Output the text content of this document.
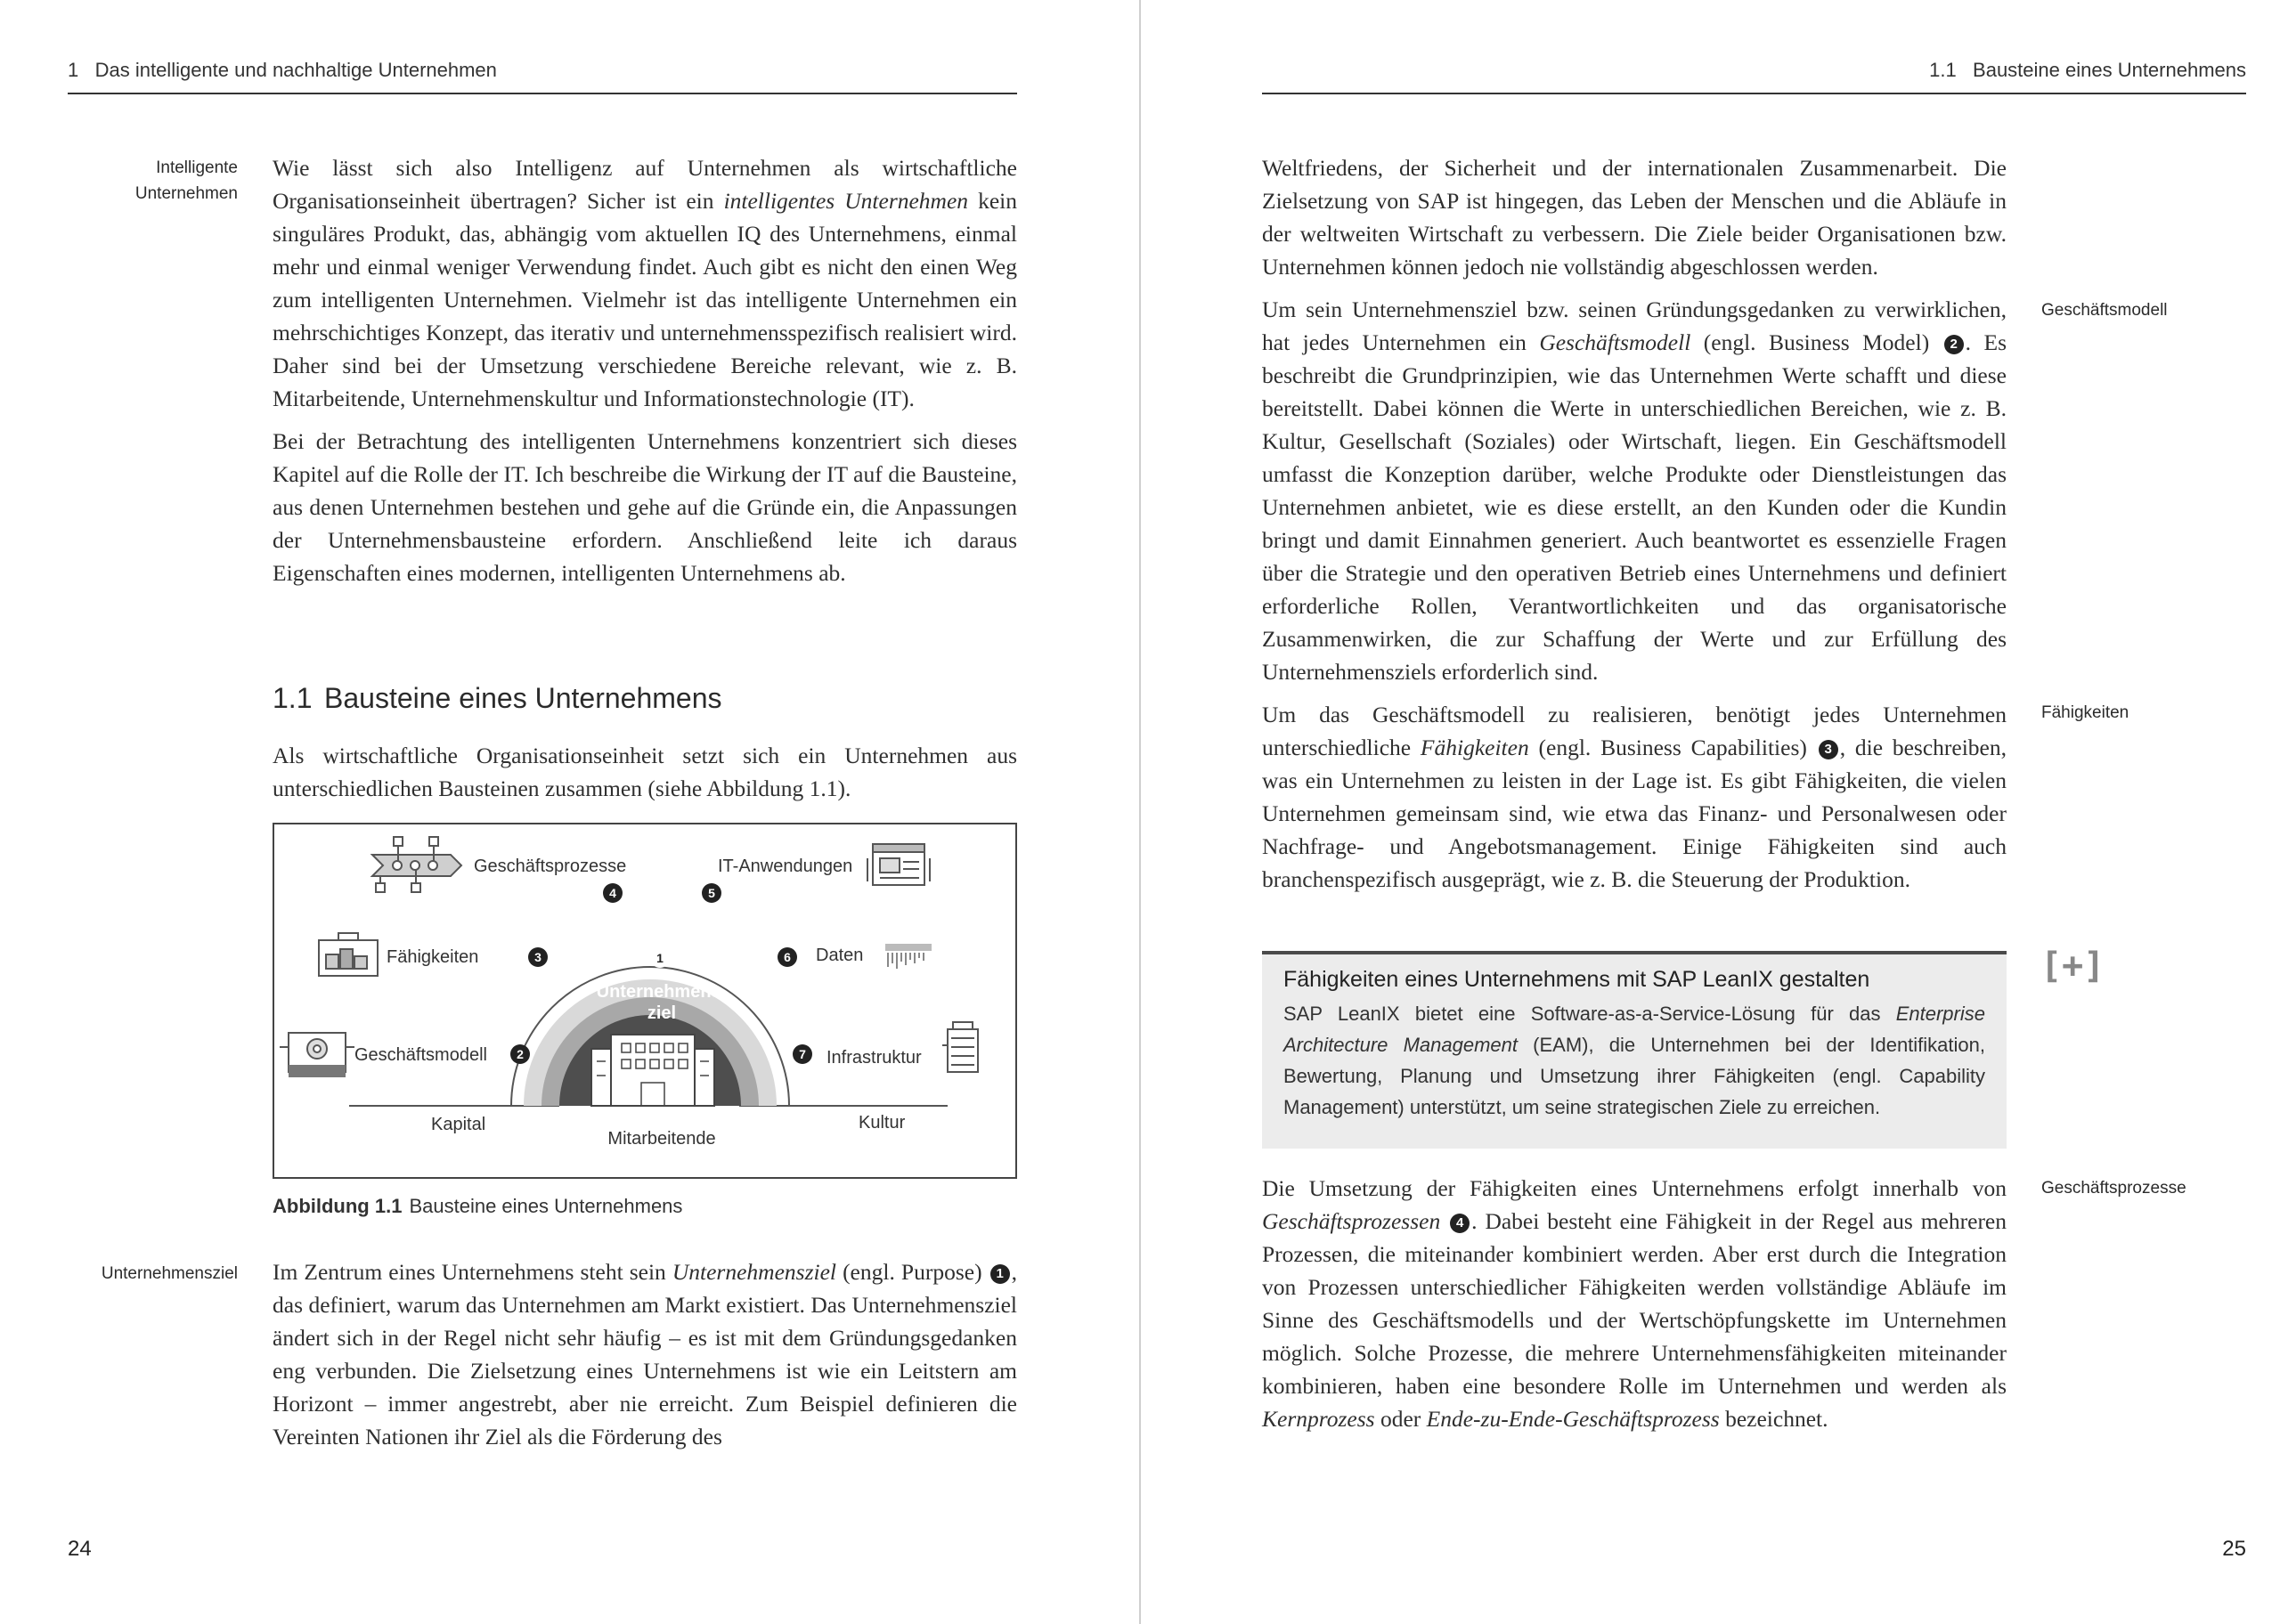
1 Das intelligente und nachhaltige Unternehmen
Intelligente
Unternehmen

Wie lässt sich also Intelligenz auf Unternehmen als wirtschaftliche Organisationseinheit übertragen? Sicher ist ein intelligentes Unternehmen kein singuläres Produkt, das, abhängig vom aktuellen IQ des Unternehmens, einmal mehr und einmal weniger Verwendung findet. Auch gibt es nicht den einen Weg zum intelligenten Unternehmen. Vielmehr ist das intelligente Unternehmen ein mehrschichtiges Konzept, das iterativ und unternehmensspezifisch realisiert wird. Daher sind bei der Umsetzung verschiedene Bereiche relevant, wie z. B. Mitarbeitende, Unternehmenskultur und Informationstechnologie (IT).

Bei der Betrachtung des intelligenten Unternehmens konzentriert sich dieses Kapitel auf die Rolle der IT. Ich beschreibe die Wirkung der IT auf die Bausteine, aus denen Unternehmen bestehen und gehe auf die Gründe ein, die Anpassungen der Unternehmensbausteine erfordern. Anschließend leite ich daraus Eigenschaften eines modernen, intelligenten Unternehmens ab.

1.1 Bausteine eines Unternehmens

Als wirtschaftliche Organisationseinheit setzt sich ein Unternehmen aus unterschiedlichen Bausteinen zusammen (siehe Abbildung 1.1).

Unternehmens-
ziel
1
2
3
4	5
6
7
Geschäftsprozesse	IT-Anwendungen
Fähigkeiten	Daten
Geschäftsmodell	Infrastruktur
Kapital
Mitarbeitende
Kultur
Abbildung 1.1 Bausteine eines Unternehmens
Unternehmensziel Im Zentrum eines Unternehmens steht sein Unternehmensziel (engl. Purpose) 1 , das definiert, warum das Unternehmen am Markt existiert. Das Unternehmensziel ändert sich in der Regel nicht sehr häufig – es ist mit dem Gründungsgedanken eng verbunden. Die Zielsetzung eines Unternehmens ist wie ein Leitstern am Horizont – immer angestrebt, aber nie erreicht. Zum Beispiel definieren die Vereinten Nationen ihr Ziel als die Förderung des

24
1.1 Bausteine eines Unternehmens

Weltfriedens, der Sicherheit und der internationalen Zusammenarbeit. Die Zielsetzung von SAP ist hingegen, das Leben der Menschen und die Abläufe in der weltweiten Wirtschaft zu verbessern. Die Ziele beider Organisationen bzw. Unternehmen können jedoch nie vollständig abgeschlossen werden.

Um sein Unternehmensziel bzw. seinen Gründungsgedanken zu verwirklichen, hat jedes Unternehmen ein Geschäftsmodell (engl. Business Model) 2 . Es beschreibt die Grundprinzipien, wie das Unternehmen Werte schafft und diese bereitstellt. Dabei können die Werte in unterschiedlichen Bereichen, wie z. B. Kultur, Gesellschaft (Soziales) oder Wirtschaft, liegen. Ein Geschäftsmodell umfasst die Konzeption darüber, welche Produkte oder Dienstleistungen das Unternehmen anbietet, wie es diese erstellt, an den Kunden oder die Kundin bringt und damit Einnahmen generiert. Auch beantwortet es essenzielle Fragen über die Strategie und den operativen Betrieb eines Unternehmens und definiert erforderliche Rollen, Verantwortlichkeiten und das organisatorische Zusammenwirken, die zur Schaffung der Werte und zur Erfüllung des Unternehmensziels erforderlich sind.

Um das Geschäftsmodell zu realisieren, benötigt jedes Unternehmen unterschiedliche Fähigkeiten (engl. Business Capabilities) 3 , die beschreiben, was ein Unternehmen zu leisten in der Lage ist. Es gibt Fähigkeiten, die vielen Unternehmen gemeinsam sind, wie etwa das Finanz- und Personalwesen oder Nachfrage- und Angebotsmanagement. Einige Fähigkeiten sind auch branchenspezifisch ausgeprägt, wie z. B. die Steuerung der Produktion.

Geschäftsmodell
Fähigkeiten
[+]
Fähigkeiten eines Unternehmens mit SAP LeanIX gestalten
SAP LeanIX bietet eine Software-as-a-Service-Lösung für das Enterprise Architecture Management (EAM), die Unternehmen bei der Identifikation, Bewertung, Planung und Umsetzung ihrer Fähigkeiten (engl. Capability Management) unterstützt, um seine strategischen Ziele zu erreichen.

Die Umsetzung der Fähigkeiten eines Unternehmens erfolgt innerhalb von Geschäftsprozessen 4 . Dabei besteht eine Fähigkeit in der Regel aus mehreren Prozessen, die miteinander kombiniert werden. Aber erst durch die Integration von Prozessen unterschiedlicher Fähigkeiten werden vollständige Abläufe im Sinne des Geschäftsmodells und der Wertschöpfungskette im Unternehmen möglich. Solche Prozesse, die mehrere Unternehmensfähigkeiten miteinander kombinieren, haben eine besondere Rolle im Unternehmen und werden als Kernprozess oder Ende-zu-Ende-Geschäftsprozess bezeichnet.

Geschäftsprozesse
25
